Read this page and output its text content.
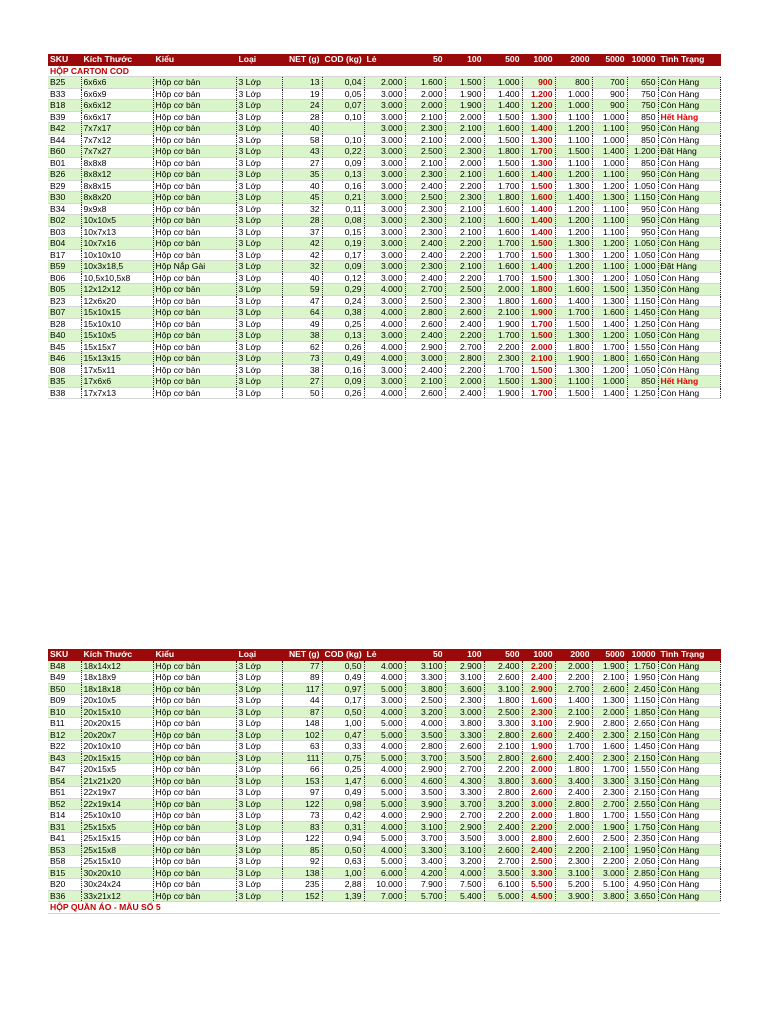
SKU	Kích Thước	Kiểu	Loại	NET (g)	COD (kg)	Lẻ	50	100	500	1000	2000	5000	10000	Tình Trạng
HỘP CARTON COD														
B25	6x6x6	Hộp cơ bản	3 Lớp	13	0,04	2.000	1.600	1.500	1.000	900	800	700	650	Còn Hàng
B33	6x6x9	Hộp cơ bản	3 Lớp	19	0,05	3.000	2.000	1.900	1.400	1.200	1.000	900	750	Còn Hàng
B18	6x6x12	Hộp cơ bản	3 Lớp	24	0,07	3.000	2.000	1.900	1.400	1.200	1.000	900	750	Còn Hàng
B39	6x6x17	Hộp cơ bản	3 Lớp	28	0,10	3.000	2.100	2.000	1.500	1.300	1.100	1.000	850	Hết Hàng
B42	7x7x17	Hộp cơ bản	3 Lớp	40		3.000	2.300	2.100	1.600	1.400	1.200	1.100	950	Còn Hàng
B44	7x7x12	Hộp cơ bản	3 Lớp	58	0,10	3.000	2.100	2.000	1.500	1.300	1.100	1.000	850	Còn Hàng
B60	7x7x27	Hộp cơ bản	3 Lớp	43	0,22	3.000	2.500	2.300	1.800	1.700	1.500	1.400	1.200	Đặt Hàng
B01	8x8x8	Hộp cơ bản	3 Lớp	27	0,09	3.000	2.100	2.000	1.500	1.300	1.100	1.000	850	Còn Hàng
B26	8x8x12	Hộp cơ bản	3 Lớp	35	0,13	3.000	2.300	2.100	1.600	1.400	1.200	1.100	950	Còn Hàng
B29	8x8x15	Hộp cơ bản	3 Lớp	40	0,16	3.000	2.400	2.200	1.700	1.500	1.300	1.200	1.050	Còn Hàng
B30	8x8x20	Hộp cơ bản	3 Lớp	45	0,21	3.000	2.500	2.300	1.800	1.600	1.400	1.300	1.150	Còn Hàng
B34	9x9x8	Hộp cơ bản	3 Lớp	32	0,11	3.000	2.300	2.100	1.600	1.400	1.200	1.100	950	Còn Hàng
B02	10x10x5	Hộp cơ bản	3 Lớp	28	0,08	3.000	2.300	2.100	1.600	1.400	1.200	1.100	950	Còn Hàng
B03	10x7x13	Hộp cơ bản	3 Lớp	37	0,15	3.000	2.300	2.100	1.600	1.400	1.200	1.100	950	Còn Hàng
B04	10x7x16	Hộp cơ bản	3 Lớp	42	0,19	3.000	2.400	2.200	1.700	1.500	1.300	1.200	1.050	Còn Hàng
B17	10x10x10	Hộp cơ bản	3 Lớp	42	0,17	3.000	2.400	2.200	1.700	1.500	1.300	1.200	1.050	Còn Hàng
B59	10x3x18,5	Hộp Nắp Gài	3 Lớp	32	0,09	3.000	2.300	2.100	1.600	1.400	1.200	1.100	1.000	Đặt Hàng
B06	10,5x10,5x8	Hộp cơ bản	3 Lớp	40	0,12	3.000	2.400	2.200	1.700	1.500	1.300	1.200	1.050	Còn Hàng
B05	12x12x12	Hộp cơ bản	3 Lớp	59	0,29	4.000	2.700	2.500	2.000	1.800	1.600	1.500	1.350	Còn Hàng
B23	12x6x20	Hộp cơ bản	3 Lớp	47	0,24	3.000	2.500	2.300	1.800	1.600	1.400	1.300	1.150	Còn Hàng
B07	15x10x15	Hộp cơ bản	3 Lớp	64	0,38	4.000	2.800	2.600	2.100	1.900	1.700	1.600	1.450	Còn Hàng
B28	15x10x10	Hộp cơ bản	3 Lớp	49	0,25	4.000	2.600	2.400	1.900	1.700	1.500	1.400	1.250	Còn Hàng
B40	15x10x5	Hộp cơ bản	3 Lớp	38	0,13	3.000	2.400	2.200	1.700	1.500	1.300	1.200	1.050	Còn Hàng
B45	15x15x7	Hộp cơ bản	3 Lớp	62	0,26	4.000	2.900	2.700	2.200	2.000	1.800	1.700	1.550	Còn Hàng
B46	15x13x15	Hộp cơ bản	3 Lớp	73	0,49	4.000	3.000	2.800	2.300	2.100	1.900	1.800	1.650	Còn Hàng
B08	17x5x11	Hộp cơ bản	3 Lớp	38	0,16	3.000	2.400	2.200	1.700	1.500	1.300	1.200	1.050	Còn Hàng
B35	17x6x6	Hộp cơ bản	3 Lớp	27	0,09	3.000	2.100	2.000	1.500	1.300	1.100	1.000	850	Hết Hàng
B38	17x7x13	Hộp cơ bản	3 Lớp	50	0,26	4.000	2.600	2.400	1.900	1.700	1.500	1.400	1.250	Còn Hàng
SKU	Kích Thước	Kiểu	Loại	NET (g)	COD (kg)	Lẻ	50	100	500	1000	2000	5000	10000	Tình Trạng
B48	18x14x12	Hộp cơ bản	3 Lớp	77	0,50	4.000	3.100	2.900	2.400	2.200	2.000	1.900	1.750	Còn Hàng
B49	18x18x9	Hộp cơ bản	3 Lớp	89	0,49	4.000	3.300	3.100	2.600	2.400	2.200	2.100	1.950	Còn Hàng
B50	18x18x18	Hộp cơ bản	3 Lớp	117	0,97	5.000	3.800	3.600	3.100	2.900	2.700	2.600	2.450	Còn Hàng
B09	20x10x5	Hộp cơ bản	3 Lớp	44	0,17	3.000	2.500	2.300	1.800	1.600	1.400	1.300	1.150	Còn Hàng
B10	20x15x10	Hộp cơ bản	3 Lớp	87	0,50	4.000	3.200	3.000	2.500	2.300	2.100	2.000	1.850	Còn Hàng
B11	20x20x15	Hộp cơ bản	3 Lớp	148	1,00	5.000	4.000	3.800	3.300	3.100	2.900	2.800	2.650	Còn Hàng
B12	20x20x7	Hộp cơ bản	3 Lớp	102	0,47	5.000	3.500	3.300	2.800	2.600	2.400	2.300	2.150	Còn Hàng
B22	20x10x10	Hộp cơ bản	3 Lớp	63	0,33	4.000	2.800	2.600	2.100	1.900	1.700	1.600	1.450	Còn Hàng
B43	20x15x15	Hộp cơ bản	3 Lớp	111	0,75	5.000	3.700	3.500	2.800	2.600	2.400	2.300	2.150	Còn Hàng
B47	20x15x5	Hộp cơ bản	3 Lớp	66	0,25	4.000	2.900	2.700	2.200	2.000	1.800	1.700	1.550	Còn Hàng
B54	21x21x20	Hộp cơ bản	3 Lớp	153	1,47	6.000	4.600	4.300	3.800	3.600	3.400	3.300	3.150	Còn Hàng
B51	22x19x7	Hộp cơ bản	3 Lớp	97	0,49	5.000	3.500	3.300	2.800	2.600	2.400	2.300	2.150	Còn Hàng
B52	22x19x14	Hộp cơ bản	3 Lớp	122	0,98	5.000	3.900	3.700	3.200	3.000	2.800	2.700	2.550	Còn Hàng
B14	25x10x10	Hộp cơ bản	3 Lớp	73	0,42	4.000	2.900	2.700	2.200	2.000	1.800	1.700	1.550	Còn Hàng
B31	25x15x5	Hộp cơ bản	3 Lớp	83	0,31	4.000	3.100	2.900	2.400	2.200	2.000	1.900	1.750	Còn Hàng
B41	25x15x15	Hộp cơ bản	3 Lớp	122	0,94	5.000	3.700	3.500	3.000	2.800	2.600	2.500	2.350	Còn Hàng
B53	25x15x8	Hộp cơ bản	3 Lớp	85	0,50	4.000	3.300	3.100	2.600	2.400	2.200	2.100	1.950	Còn Hàng
B58	25x15x10	Hộp cơ bản	3 Lớp	92	0,63	5.000	3.400	3.200	2.700	2.500	2.300	2.200	2.050	Còn Hàng
B15	30x20x10	Hộp cơ bản	3 Lớp	138	1,00	6.000	4.200	4.000	3.500	3.300	3.100	3.000	2.850	Còn Hàng
B20	30x24x24	Hộp cơ bản	3 Lớp	235	2,88	10.000	7.900	7.500	6.100	5.500	5.200	5.100	4.950	Còn Hàng
B36	33x21x12	Hộp cơ bản	3 Lớp	152	1,39	7.000	5.700	5.400	5.000	4.500	3.900	3.800	3.650	Còn Hàng
HỘP QUẦN ÁO - MẪU SỐ 5														
